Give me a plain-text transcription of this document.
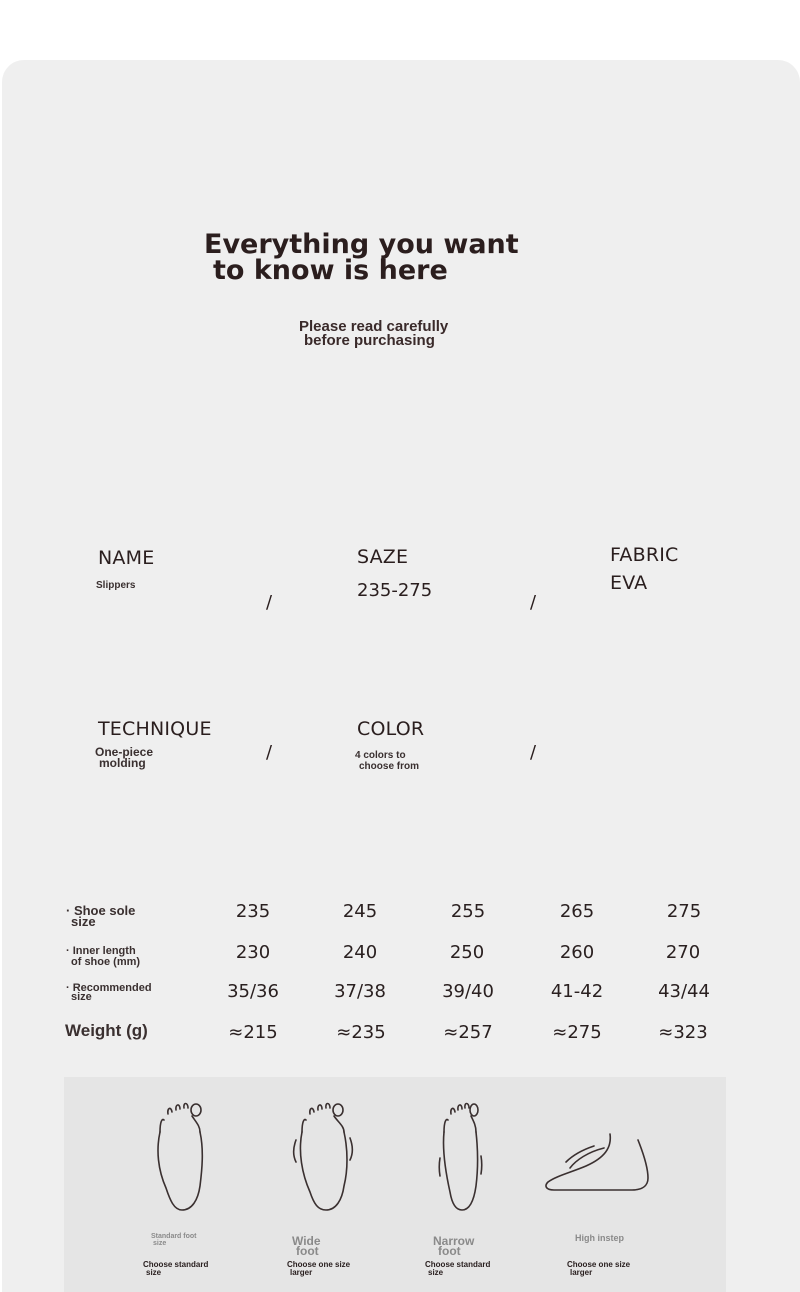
Everything you want
to know is here
Please read carefully
before purchasing
NAME
Slippers
/
SAZE
235-275
/
FABRIC
EVA
TECHNIQUE
One-piece
molding	/
COLOR
4 colors to
choose from
/
· Shoe sole
size	235	245	255	265	275
· Inner length
of shoe (mm)	230	240	250	260	270
· Recommended
size	35/36	37/38	39/40	41-42	43/44
Weight (g)	≈215	≈235	≈257	≈275	≈323
Standard foot
size
Choose standard
size
Wide
foot
Choose one size
larger
Narrow
foot
Choose standard
size
High instep
Choose one size
larger
